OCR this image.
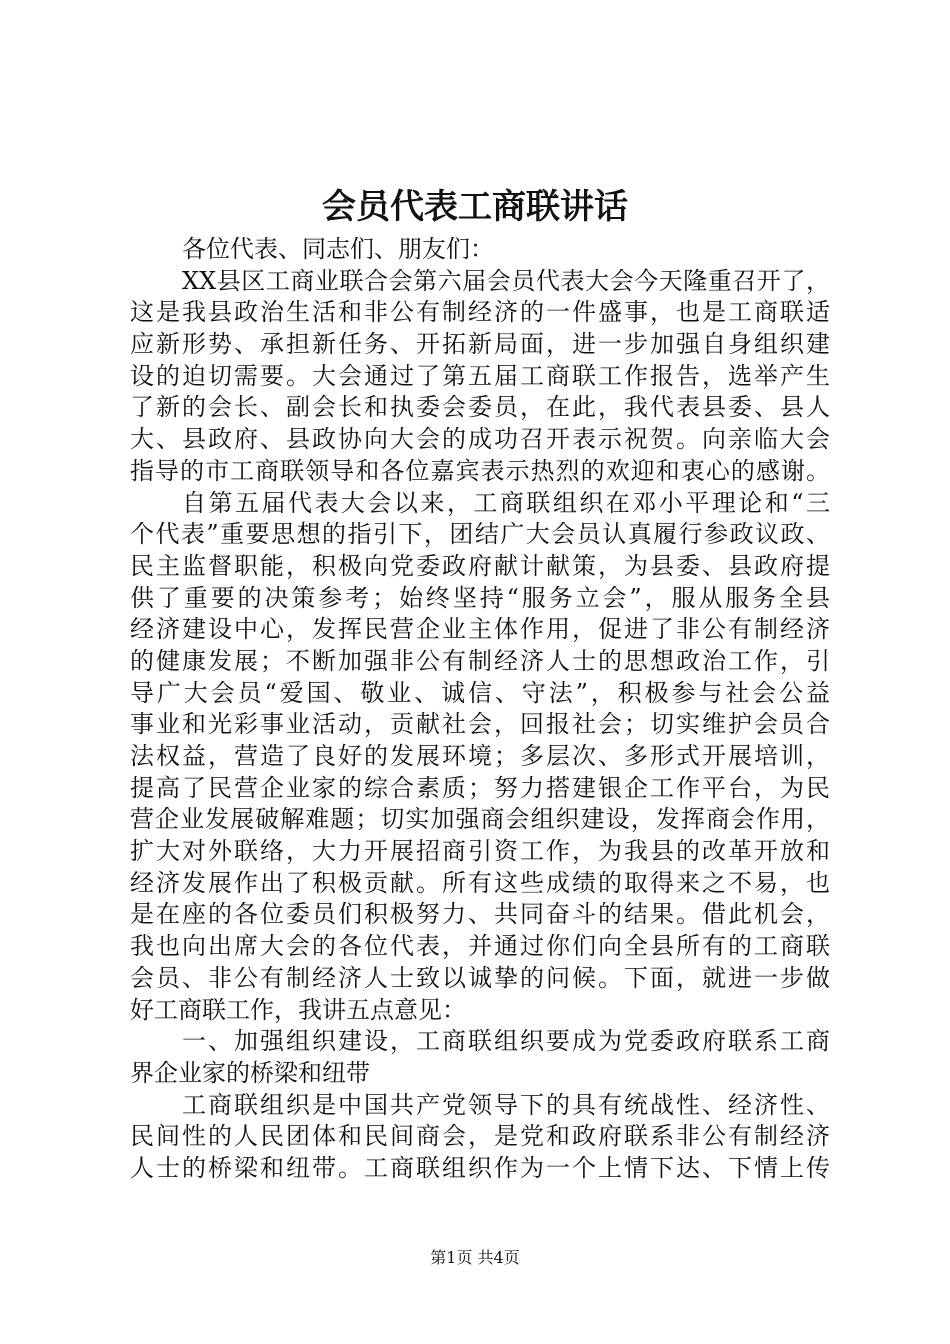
会员代表工商联讲话
各位代表、同志们、朋友们：
XX县区工商业联合会第六届会员代表大会今天隆重召开了，
这是我县政治生活和非公有制经济的一件盛事，也是工商联适
应新形势、承担新任务、开拓新局面，进一步加强自身组织建
设的迫切需要。大会通过了第五届工商联工作报告，选举产生
了新的会长、副会长和执委会委员，在此，我代表县委、县人
大、县政府、县政协向大会的成功召开表示祝贺。向亲临大会
指导的市工商联领导和各位嘉宾表示热烈的欢迎和衷心的感谢。
自第五届代表大会以来，工商联组织在邓小平理论和“三
个代表”重要思想的指引下，团结广大会员认真履行参政议政、
民主监督职能，积极向党委政府献计献策，为县委、县政府提
供了重要的决策参考；始终坚持“服务立会”，服从服务全县
经济建设中心，发挥民营企业主体作用，促进了非公有制经济
的健康发展；不断加强非公有制经济人士的思想政治工作，引
导广大会员“爱国、敬业、诚信、守法”，积极参与社会公益
事业和光彩事业活动，贡献社会，回报社会；切实维护会员合
法权益，营造了良好的发展环境；多层次、多形式开展培训，
提高了民营企业家的综合素质；努力搭建银企工作平台，为民
营企业发展破解难题；切实加强商会组织建设，发挥商会作用，
扩大对外联络，大力开展招商引资工作，为我县的改革开放和
经济发展作出了积极贡献。所有这些成绩的取得来之不易，也
是在座的各位委员们积极努力、共同奋斗的结果。借此机会，
我也向出席大会的各位代表，并通过你们向全县所有的工商联
会员、非公有制经济人士致以诚挚的问候。下面，就进一步做
好工商联工作，我讲五点意见：
一、加强组织建设，工商联组织要成为党委政府联系工商
界企业家的桥梁和纽带
工商联组织是中国共产党领导下的具有统战性、经济性、
民间性的人民团体和民间商会，是党和政府联系非公有制经济
人士的桥梁和纽带。工商联组织作为一个上情下达、下情上传
第1页 共4页
